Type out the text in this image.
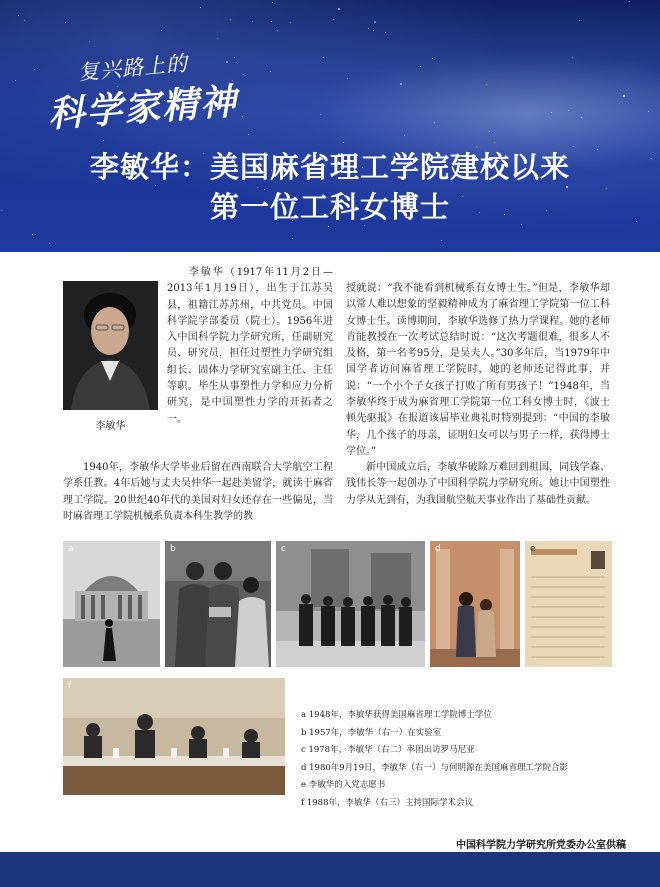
复兴路上的
科学家精神
李敏华：美国麻省理工学院建校以来
第一位工科女博士
李敏华

李敏华（1917年11月2日—2013年1月19日），出生于江苏吴县，祖籍江苏苏州，中共党员。中国科学院学部委员（院士）。1956年进入中国科学院力学研究所，任副研究员、研究员，担任过塑性力学研究组组长、固体力学研究室副主任、主任等职。毕生从事塑性力学和应力分析研究，是中国塑性力学的开拓者之一。

1940年，李敏华大学毕业后留在西南联合大学航空工程学系任教。4年后她与丈夫吴仲华一起赴美留学，就读于麻省理工学院。20世纪40年代的美国对妇女还存在一些偏见，当时麻省理工学院机械系负责本科生教学的教

授就说：“我不能看到机械系有女博士生。”但是，李敏华却以常人难以想象的坚毅精神成为了麻省理工学院第一位工科女博士生。读博期间，李敏华选修了热力学课程。她的老师肯能教授在一次考试总结时说：“这次考题很难，很多人不及格，第一名考95分，是吴夫人。”30多年后，当1979年中国学者访问麻省理工学院时，她的老师还记得此事，并说：“一个小个子女孩子打败了所有男孩子！”1948年，当李敏华终于成为麻省理工学院第一位工科女博士时，《波士顿先驱报》在报道该届毕业典礼时特别提到：“中国的李敏华，几个孩子的母亲，证明妇女可以与男子一样，获得博士学位。”

新中国成立后，李敏华破除万难回到祖国，同钱学森、钱伟长等一起创办了中国科学院力学研究所。她让中国塑性力学从无到有，为我国航空航天事业作出了基础性贡献。

a	b	c	d	e
f
a 1948年，李敏华获得美国麻省理工学院博士学位
b 1957年，李敏华（右一）在实验室
c 1978年，李敏华（右二）率团出访罗马尼亚
d 1980年9月19日，李敏华（右一）与何明源在美国麻省理工学院合影
e 李敏华的入党志愿书
f 1988年，李敏华（右三）主持国际学术会议
中国科学院力学研究所党委办公室供稿
